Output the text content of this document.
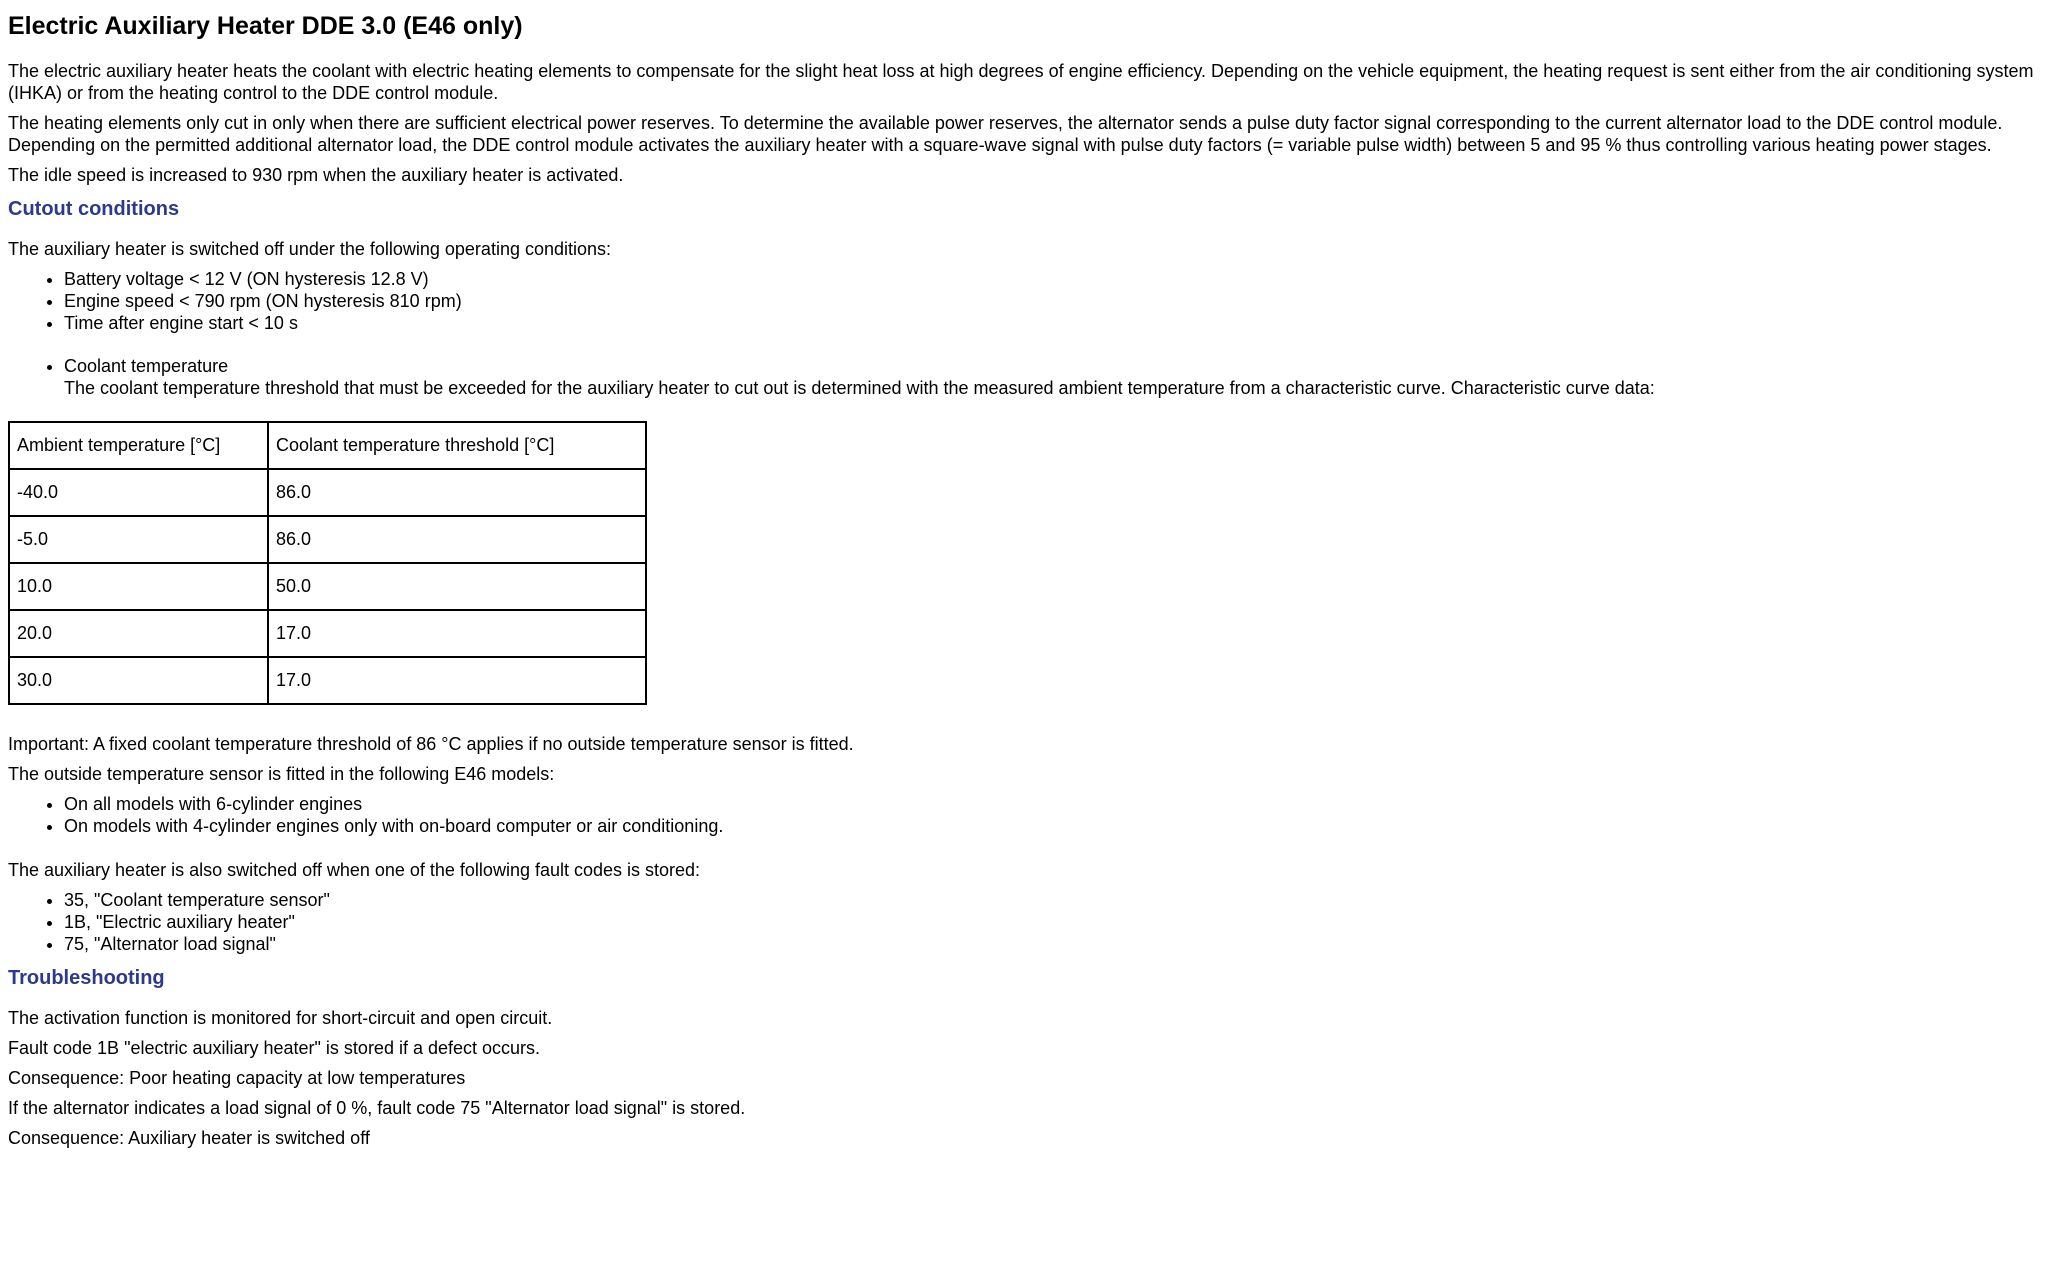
Electric Auxiliary Heater DDE 3.0 (E46 only)

The electric auxiliary heater heats the coolant with electric heating elements to compensate for the slight heat loss at high degrees of engine efficiency. Depending on the vehicle equipment, the heating request is sent either from the air conditioning system (IHKA) or from the heating control to the DDE control module.

The heating elements only cut in only when there are sufficient electrical power reserves. To determine the available power reserves, the alternator sends a pulse duty factor signal corresponding to the current alternator load to the DDE control module. Depending on the permitted additional alternator load, the DDE control module activates the auxiliary heater with a square-wave signal with pulse duty factors (= variable pulse width) between 5 and 95 % thus controlling various heating power stages.

The idle speed is increased to 930 rpm when the auxiliary heater is activated.

Cutout conditions

The auxiliary heater is switched off under the following operating conditions:

• Battery voltage < 12 V (ON hysteresis 12.8 V)
• Engine speed < 790 rpm (ON hysteresis 810 rpm)
• Time after engine start < 10 s
• Coolant temperature
The coolant temperature threshold that must be exceeded for the auxiliary heater to cut out is determined with the measured ambient temperature from a characteristic curve. Characteristic curve data:
Ambient temperature [°C]	Coolant temperature threshold [°C]
-40.0	86.0
-5.0	86.0
10.0	50.0
20.0	17.0
30.0	17.0

Important: A fixed coolant temperature threshold of 86 °C applies if no outside temperature sensor is fitted.

The outside temperature sensor is fitted in the following E46 models:

• On all models with 6-cylinder engines
• On models with 4-cylinder engines only with on-board computer or air conditioning.

The auxiliary heater is also switched off when one of the following fault codes is stored:

• 35, "Coolant temperature sensor"
• 1B, "Electric auxiliary heater"
• 75, "Alternator load signal"
Troubleshooting

The activation function is monitored for short-circuit and open circuit.

Fault code 1B "electric auxiliary heater" is stored if a defect occurs.

Consequence: Poor heating capacity at low temperatures

If the alternator indicates a load signal of 0 %, fault code 75 "Alternator load signal" is stored.

Consequence: Auxiliary heater is switched off
